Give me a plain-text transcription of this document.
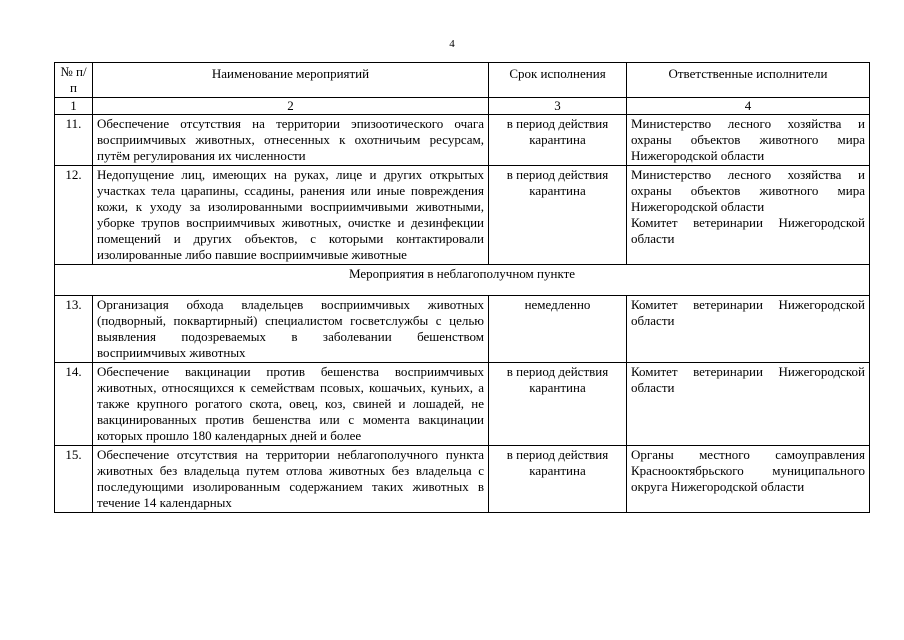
4
№ п/п	Наименование мероприятий	Срок исполнения	Ответственные исполнители
1	2	3	4
11.	Обеспечение отсутствия на территории эпизоотического очага восприимчивых животных, отнесенных к охотничьим ресурсам, путём регулирования их численности	в период действия карантина	Министерство лесного хозяйства и охраны объектов животного мира Нижегородской области

12.	Недопущение лиц, имеющих на руках, лице и других открытых участках тела царапины, ссадины, ранения или иные повреждения кожи, к уходу за изолированными восприимчивыми животными, уборке трупов восприимчивых животных, очистке и дезинфекции помещений и других объектов, с которыми контактировали изолированные либо павшие восприимчивые животные	в период действия карантина	Министерство лесного хозяйства и охраны объектов животного мира Нижегородской области
Комитет ветеринарии Нижегородской области

Мероприятия в неблагополучном пункте			
13.	Организация обхода владельцев восприимчивых животных (подворный, поквартирный) специалистом госветслужбы с целью выявления подозреваемых в заболевании бешенством восприимчивых животных	немедленно	Комитет ветеринарии Нижегородской области

14.	Обеспечение вакцинации против бешенства восприимчивых животных, относящихся к семействам псовых, кошачьих, куньих, а также крупного рогатого скота, овец, коз, свиней и лошадей, не вакцинированных против бешенства или с момента вакцинации которых прошло 180 календарных дней и более	в период действия карантина	Комитет ветеринарии Нижегородской области

15.	Обеспечение отсутствия на территории неблагополучного пункта животных без владельца путем отлова животных без владельца с последующими изолированным содержанием таких животных в течение 14 календарных	в период действия карантина	Органы местного самоуправления Краснооктябрьского муниципального округа Нижегородской области
